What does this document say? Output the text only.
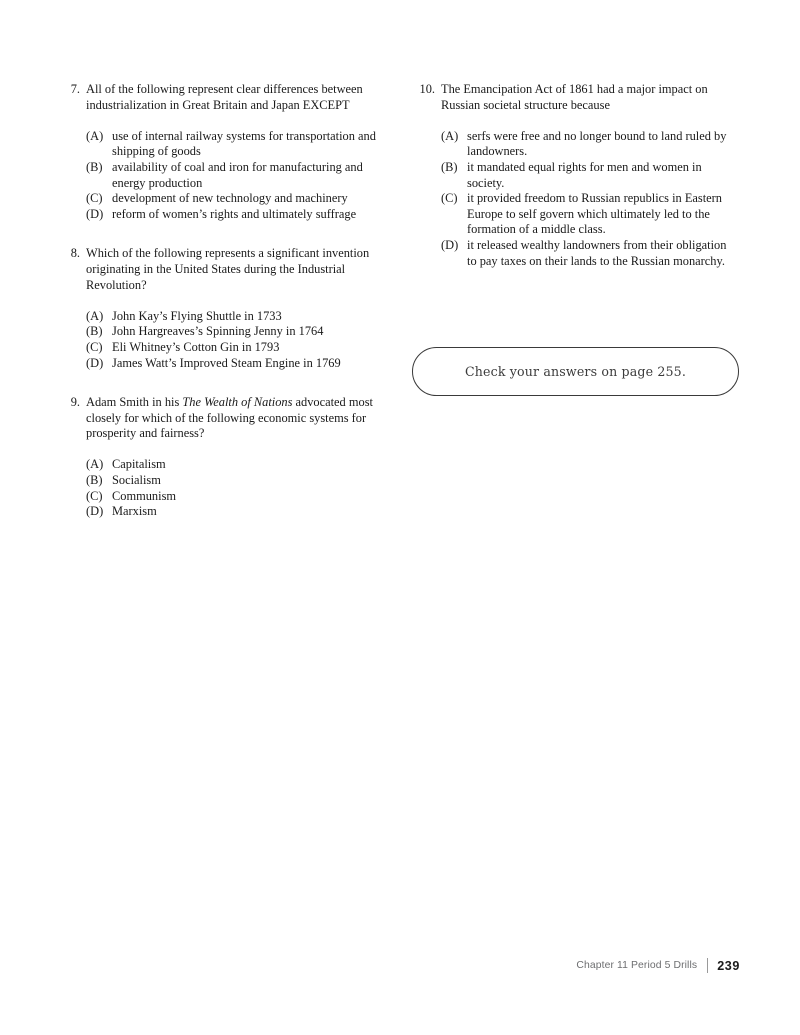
7. All of the following represent clear differences between industrialization in Great Britain and Japan EXCEPT
(A) use of internal railway systems for transportation and shipping of goods
(B) availability of coal and iron for manufacturing and energy production
(C) development of new technology and machinery
(D) reform of women’s rights and ultimately suffrage
8. Which of the following represents a significant invention originating in the United States during the Industrial Revolution?
(A) John Kay’s Flying Shuttle in 1733
(B) John Hargreaves’s Spinning Jenny in 1764
(C) Eli Whitney’s Cotton Gin in 1793
(D) James Watt’s Improved Steam Engine in 1769
9. Adam Smith in his The Wealth of Nations advocated most closely for which of the following economic systems for prosperity and fairness?
(A) Capitalism
(B) Socialism
(C) Communism
(D) Marxism
10. The Emancipation Act of 1861 had a major impact on Russian societal structure because
(A) serfs were free and no longer bound to land ruled by landowners.
(B) it mandated equal rights for men and women in society.
(C) it provided freedom to Russian republics in Eastern Europe to self govern which ultimately led to the formation of a middle class.
(D) it released wealthy landowners from their obligation to pay taxes on their lands to the Russian monarchy.
Check your answers on page 255.
Chapter 11 Period 5 Drills 239
